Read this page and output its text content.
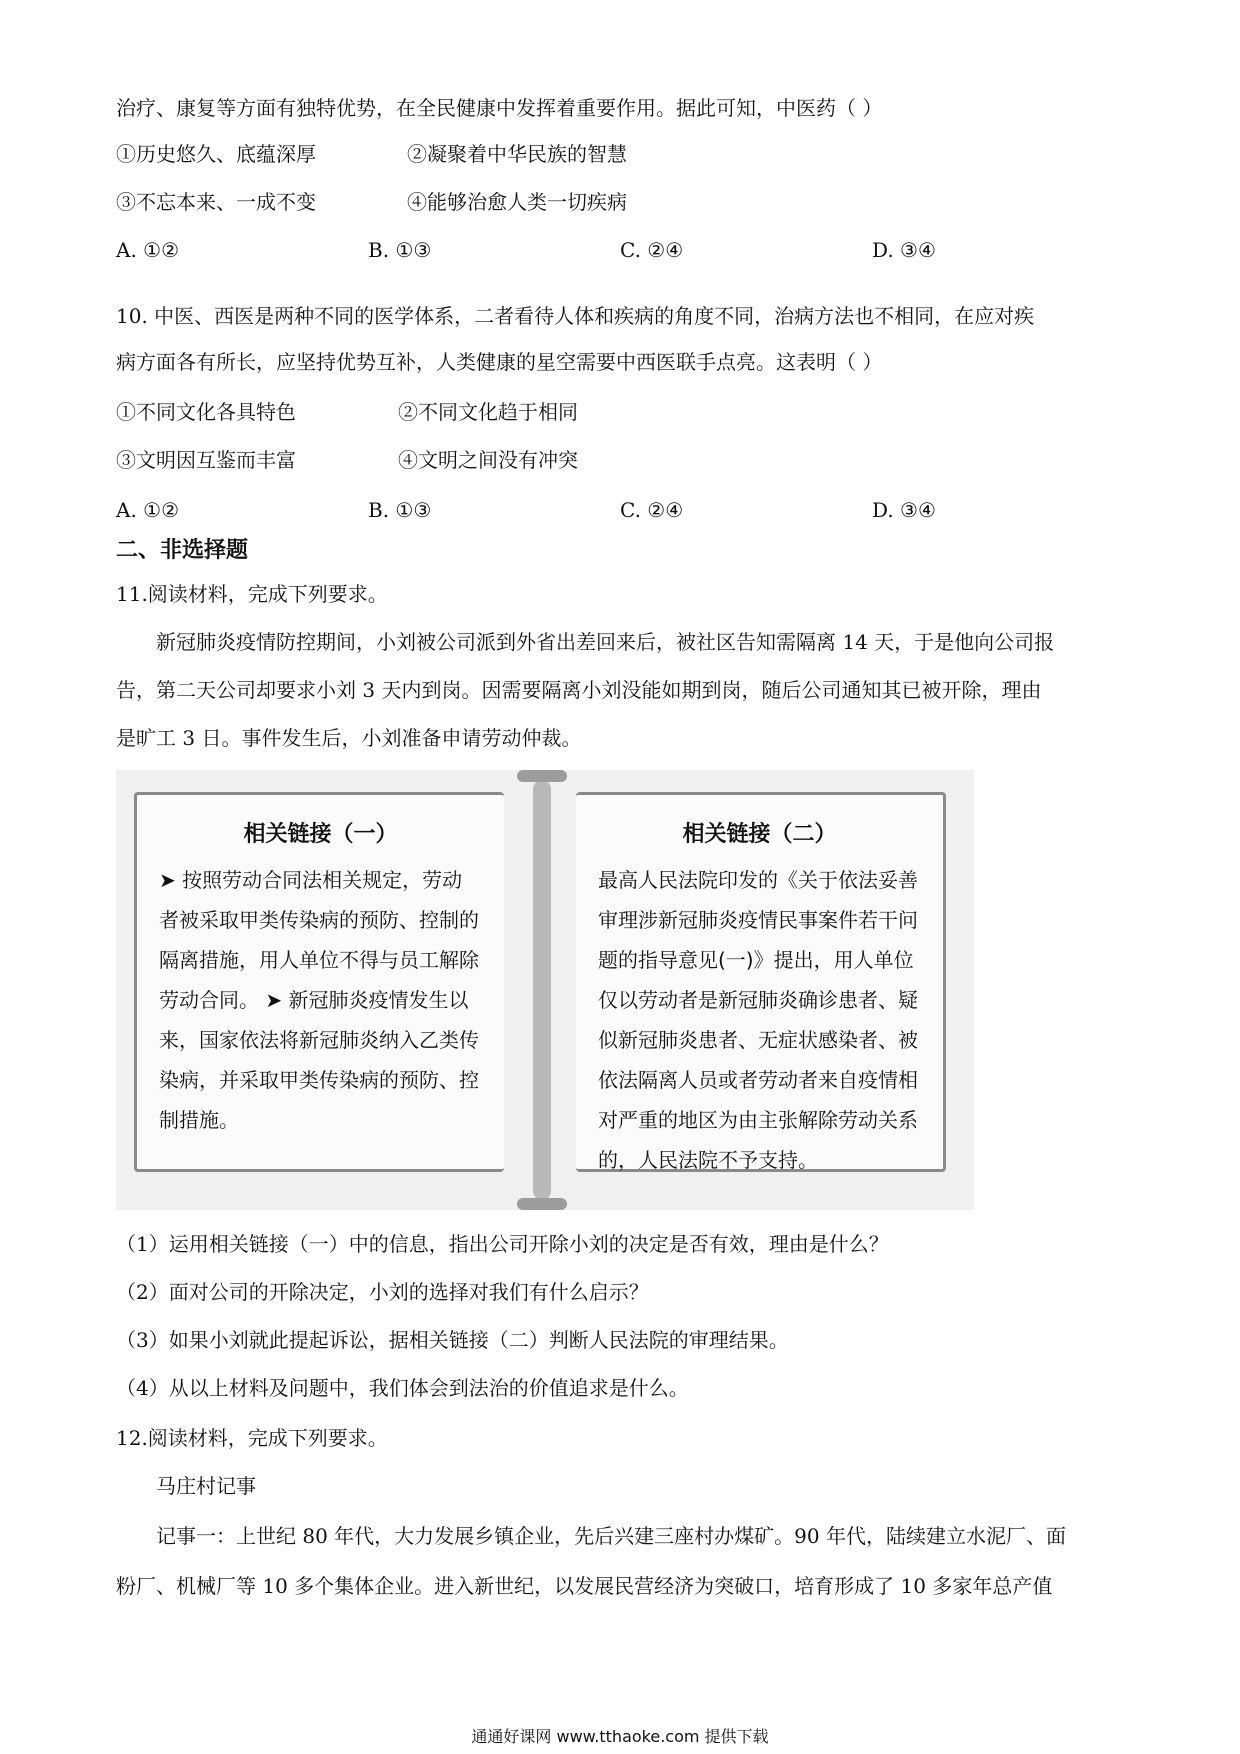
治疗、康复等方面有独特优势，在全民健康中发挥着重要作用。据此可知，中医药（ ）
①历史悠久、底蕴深厚	②凝聚着中华民族的智慧
③不忘本来、一成不变	④能够治愈人类一切疾病
A. ①②	B. ①③	C. ②④	D. ③④
10. 中医、西医是两种不同的医学体系，二者看待人体和疾病的角度不同，治病方法也不相同，在应对疾
病方面各有所长，应坚持优势互补，人类健康的星空需要中西医联手点亮。这表明（ ）
①不同文化各具特色	②不同文化趋于相同
③文明因互鉴而丰富	④文明之间没有冲突
A. ①②	B. ①③	C. ②④	D. ③④
二、非选择题
11.阅读材料，完成下列要求。
新冠肺炎疫情防控期间，小刘被公司派到外省出差回来后，被社区告知需隔离 14 天，于是他向公司报
告，第二天公司却要求小刘 3 天内到岗。因需要隔离小刘没能如期到岗，随后公司通知其已被开除，理由
是旷工 3 日。事件发生后，小刘准备申请劳动仲裁。
相关链接（一）
➤ 按照劳动合同法相关规定，劳动者被采取甲类传染病的预防、控制的隔离措施，用人单位不得与员工解除劳动合同。 ➤ 新冠肺炎疫情发生以来，国家依法将新冠肺炎纳入乙类传染病，并采取甲类传染病的预防、控制措施。
相关链接（二）
最高人民法院印发的《关于依法妥善审理涉新冠肺炎疫情民事案件若干问题的指导意见(一)》提出，用人单位仅以劳动者是新冠肺炎确诊患者、疑似新冠肺炎患者、无症状感染者、被依法隔离人员或者劳动者来自疫情相对严重的地区为由主张解除劳动关系的，人民法院不予支持。
（1）运用相关链接（一）中的信息，指出公司开除小刘的决定是否有效，理由是什么？
（2）面对公司的开除决定，小刘的选择对我们有什么启示？
（3）如果小刘就此提起诉讼，据相关链接（二）判断人民法院的审理结果。
（4）从以上材料及问题中，我们体会到法治的价值追求是什么。
12.阅读材料，完成下列要求。
马庄村记事
记事一：上世纪 80 年代，大力发展乡镇企业，先后兴建三座村办煤矿。90 年代，陆续建立水泥厂、面
粉厂、机械厂等 10 多个集体企业。进入新世纪，以发展民营经济为突破口，培育形成了 10 多家年总产值
通通好课网 www.tthaoke.com 提供下载
